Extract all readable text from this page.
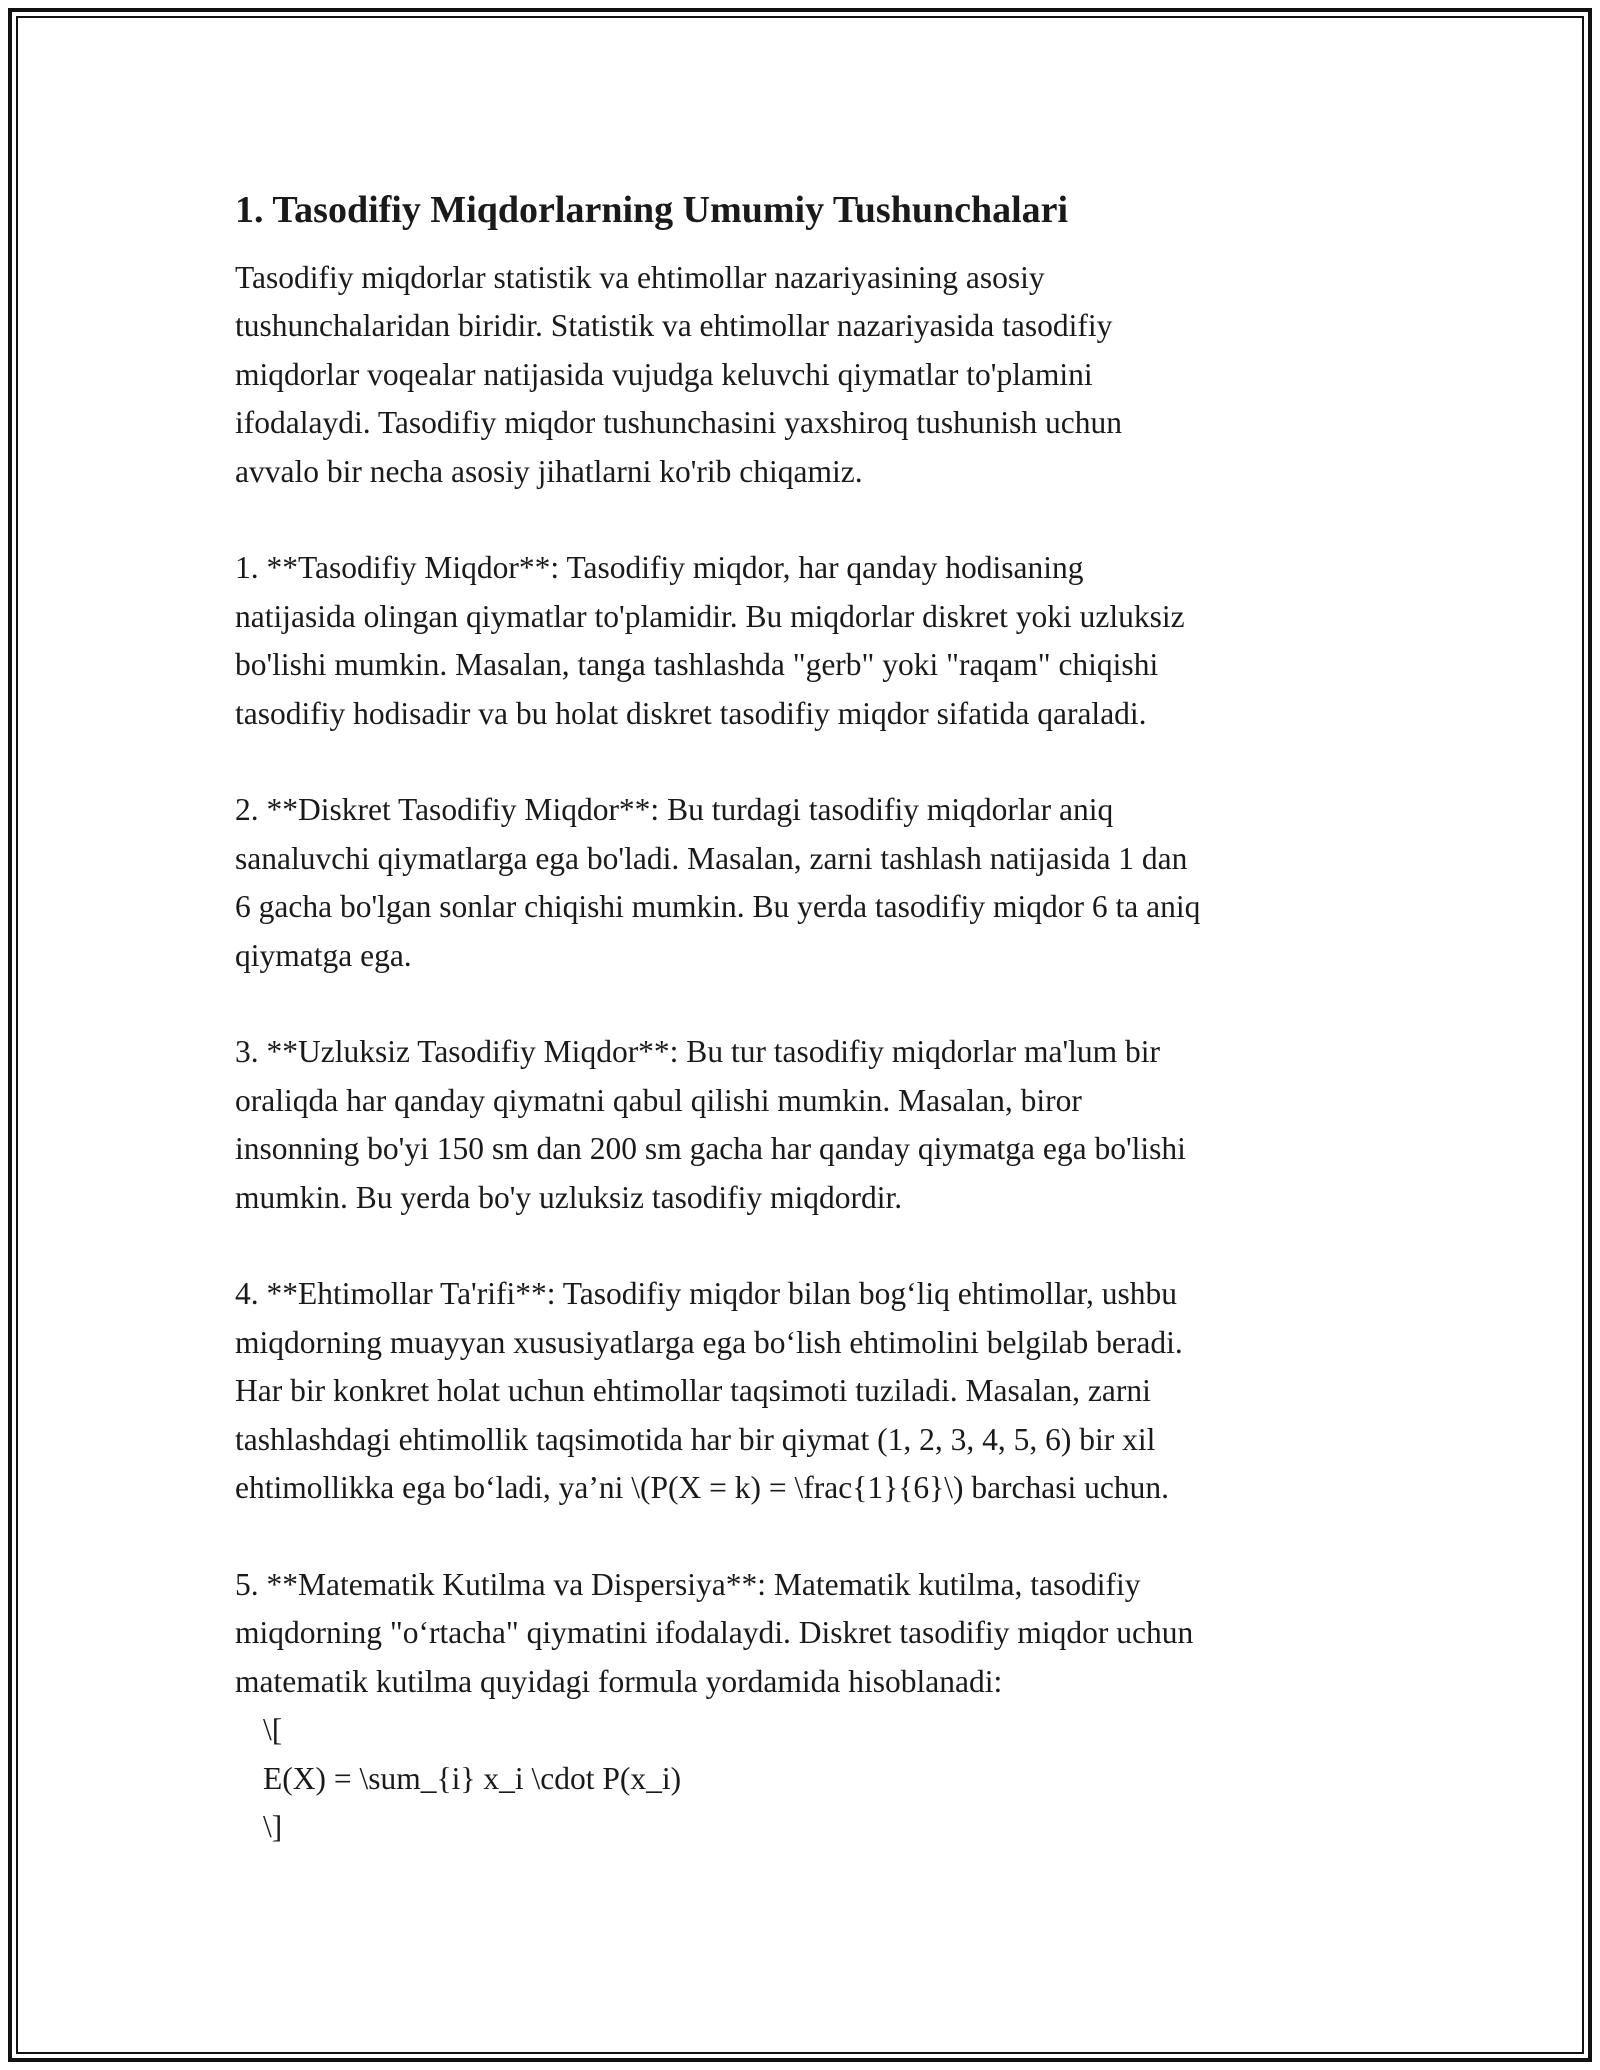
1. Tasodifiy Miqdorlarning Umumiy Tushunchalari
Tasodifiy miqdorlar statistik va ehtimollar nazariyasining asosiy
tushunchalaridan biridir. Statistik va ehtimollar nazariyasida tasodifiy
miqdorlar voqealar natijasida vujudga keluvchi qiymatlar to'plamini
ifodalaydi. Tasodifiy miqdor tushunchasini yaxshiroq tushunish uchun
avvalo bir necha asosiy jihatlarni ko'rib chiqamiz.
1. **Tasodifiy Miqdor**: Tasodifiy miqdor, har qanday hodisaning
natijasida olingan qiymatlar to'plamidir. Bu miqdorlar diskret yoki uzluksiz
bo'lishi mumkin. Masalan, tanga tashlashda "gerb" yoki "raqam" chiqishi
tasodifiy hodisadir va bu holat diskret tasodifiy miqdor sifatida qaraladi.
2. **Diskret Tasodifiy Miqdor**: Bu turdagi tasodifiy miqdorlar aniq
sanaluvchi qiymatlarga ega bo'ladi. Masalan, zarni tashlash natijasida 1 dan
6 gacha bo'lgan sonlar chiqishi mumkin. Bu yerda tasodifiy miqdor 6 ta aniq
qiymatga ega.
3. **Uzluksiz Tasodifiy Miqdor**: Bu tur tasodifiy miqdorlar ma'lum bir
oraliqda har qanday qiymatni qabul qilishi mumkin. Masalan, biror
insonning bo'yi 150 sm dan 200 sm gacha har qanday qiymatga ega bo'lishi
mumkin. Bu yerda bo'y uzluksiz tasodifiy miqdordir.
4. **Ehtimollar Ta'rifi**: Tasodifiy miqdor bilan bog‘liq ehtimollar, ushbu
miqdorning muayyan xususiyatlarga ega bo‘lish ehtimolini belgilab beradi.
Har bir konkret holat uchun ehtimollar taqsimoti tuziladi. Masalan, zarni
tashlashdagi ehtimollik taqsimotida har bir qiymat (1, 2, 3, 4, 5, 6) bir xil
ehtimollikka ega bo‘ladi, ya’ni \(P(X = k) = \frac{1}{6}\) barchasi uchun.
5. **Matematik Kutilma va Dispersiya**: Matematik kutilma, tasodifiy
miqdorning "o‘rtacha" qiymatini ifodalaydi. Diskret tasodifiy miqdor uchun
matematik kutilma quyidagi formula yordamida hisoblanadi:
\[
E(X) = \sum_{i} x_i \cdot P(x_i)
\]
